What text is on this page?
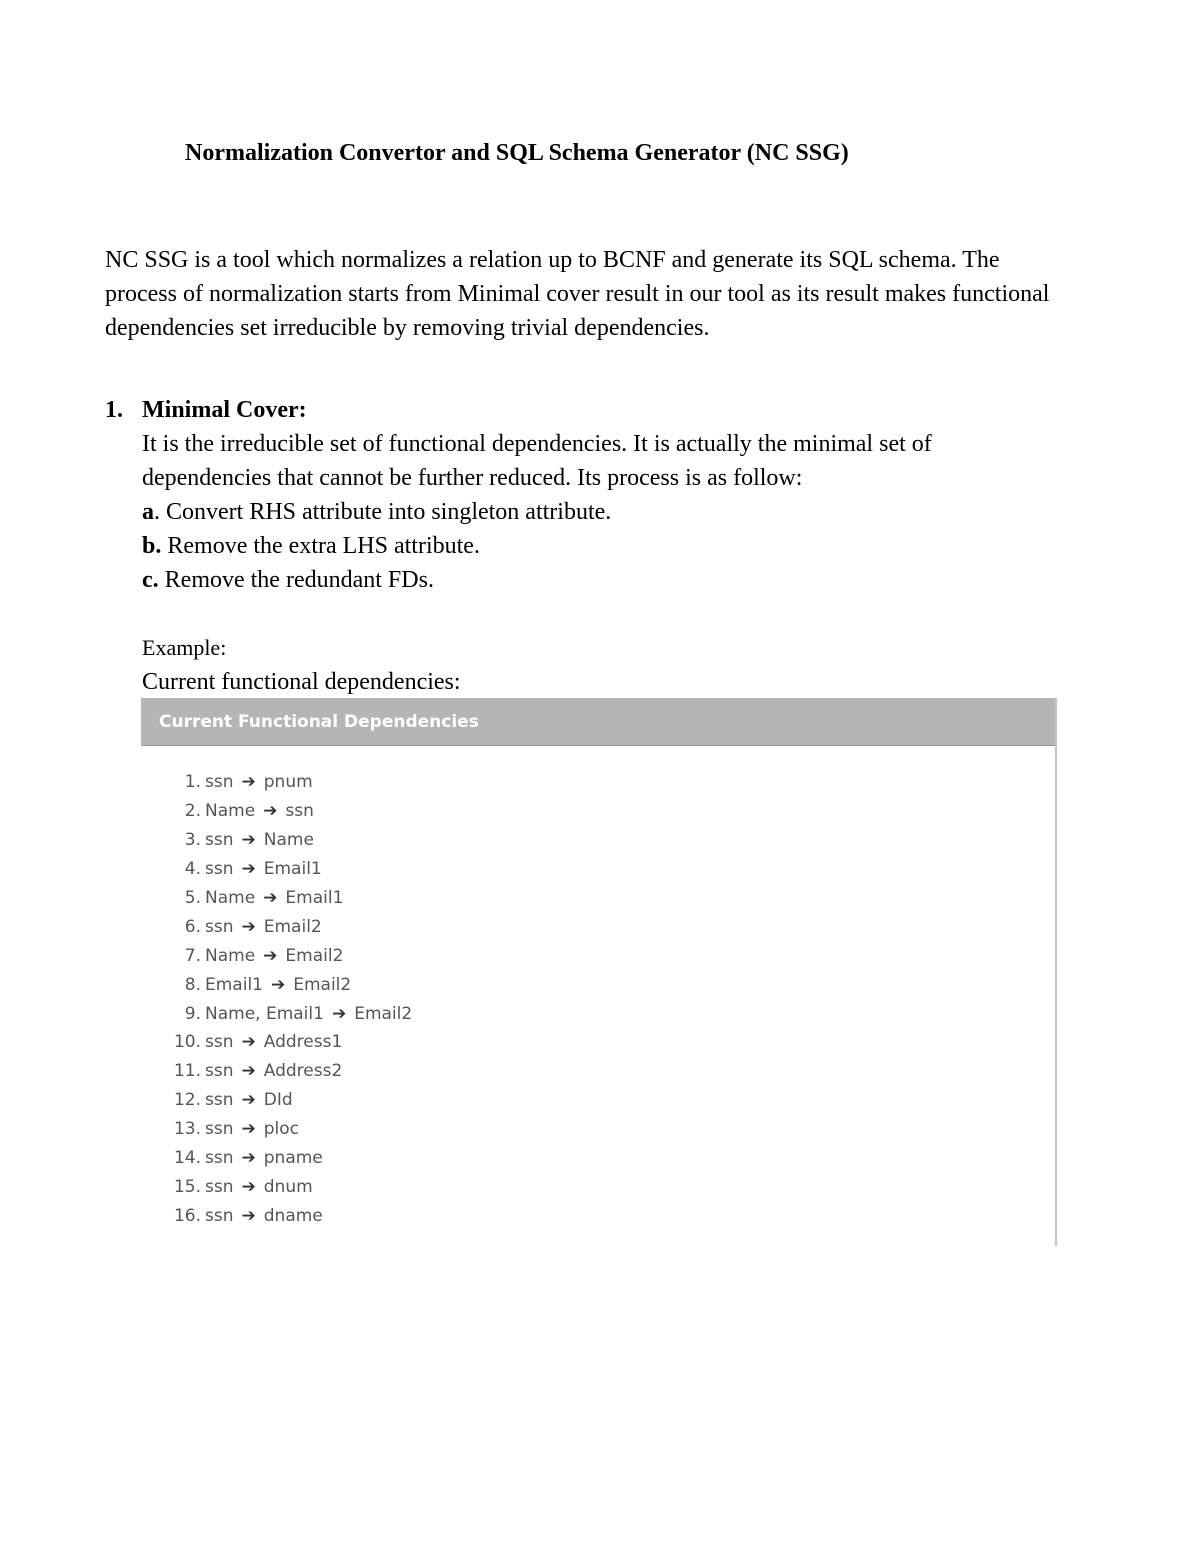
Normalization Convertor and SQL Schema Generator (NC SSG)

NC SSG is a tool which normalizes a relation up to BCNF and generate its SQL schema. The process of normalization starts from Minimal cover result in our tool as its result makes functional dependencies set irreducible by removing trivial dependencies.

1. Minimal Cover:

It is the irreducible set of functional dependencies. It is actually the minimal set of dependencies that cannot be further reduced. Its process is as follow:

a. Convert RHS attribute into singleton attribute.

b. Remove the extra LHS attribute.

c. Remove the redundant FDs.

Example:

Current functional dependencies:

Current Functional Dependencies
1. ssn ➔ pnum
2. Name ➔ ssn
3. ssn ➔ Name
4. ssn ➔ Email1
5. Name ➔ Email1
6. ssn ➔ Email2
7. Name ➔ Email2
8. Email1 ➔ Email2
9. Name, Email1 ➔ Email2
10. ssn ➔ Address1
11. ssn ➔ Address2
12. ssn ➔ DId
13. ssn ➔ ploc
14. ssn ➔ pname
15. ssn ➔ dnum
16. ssn ➔ dname
